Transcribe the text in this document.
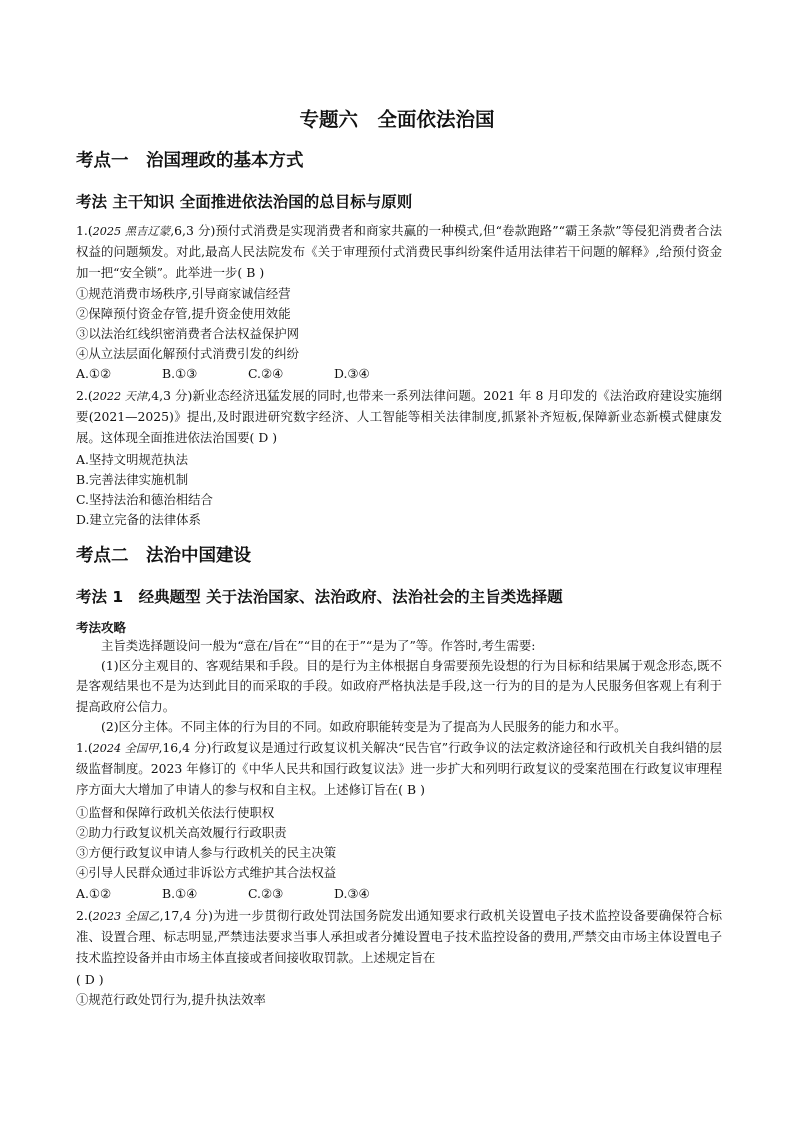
专题六　全面依法治国
考点一　治国理政的基本方式
考法 主干知识 全面推进依法治国的总目标与原则
1.(2025 黑吉辽蒙,6,3 分)预付式消费是实现消费者和商家共赢的一种模式,但“卷款跑路”“霸王条款”等侵犯消费者合法权益的问题频发。对此,最高人民法院发布《关于审理预付式消费民事纠纷案件适用法律若干问题的解释》,给预付资金加一把“安全锁”。此举进一步( B )
①规范消费市场秩序,引导商家诚信经营
②保障预付资金存管,提升资金使用效能
③以法治红线织密消费者合法权益保护网
④从立法层面化解预付式消费引发的纠纷
A.①②	B.①③	C.②④	D.③④
2.(2022 天津,4,3 分)新业态经济迅猛发展的同时,也带来一系列法律问题。2021 年 8 月印发的《法治政府建设实施纲要(2021—2025)》提出,及时跟进研究数字经济、人工智能等相关法律制度,抓紧补齐短板,保障新业态新模式健康发展。这体现全面推进依法治国要( D )
A.坚持文明规范执法
B.完善法律实施机制
C.坚持法治和德治相结合
D.建立完备的法律体系
考点二　法治中国建设
考法 1　经典题型 关于法治国家、法治政府、法治社会的主旨类选择题
考法攻略
主旨类选择题设问一般为“意在/旨在”“目的在于”“是为了”等。作答时,考生需要:
(1)区分主观目的、客观结果和手段。目的是行为主体根据自身需要预先设想的行为目标和结果属于观念形态,既不是客观结果也不是为达到此目的而采取的手段。如政府严格执法是手段,这一行为的目的是为人民服务但客观上有利于提高政府公信力。
(2)区分主体。不同主体的行为目的不同。如政府职能转变是为了提高为人民服务的能力和水平。
1.(2024 全国甲,16,4 分)行政复议是通过行政复议机关解决“民告官”行政争议的法定救济途径和行政机关自我纠错的层级监督制度。2023 年修订的《中华人民共和国行政复议法》进一步扩大和列明行政复议的受案范围在行政复议审理程序方面大大增加了申请人的参与权和自主权。上述修订旨在( B )
①监督和保障行政机关依法行使职权
②助力行政复议机关高效履行行政职责
③方便行政复议申请人参与行政机关的民主决策
④引导人民群众通过非诉讼方式维护其合法权益
A.①②	B.①④	C.②③	D.③④
2.(2023 全国乙,17,4 分)为进一步贯彻行政处罚法国务院发出通知要求行政机关设置电子技术监控设备要确保符合标准、设置合理、标志明显,严禁违法要求当事人承担或者分摊设置电子技术监控设备的费用,严禁交由市场主体设置电子技术监控设备并由市场主体直接或者间接收取罚款。上述规定旨在
( D )
①规范行政处罚行为,提升执法效率
